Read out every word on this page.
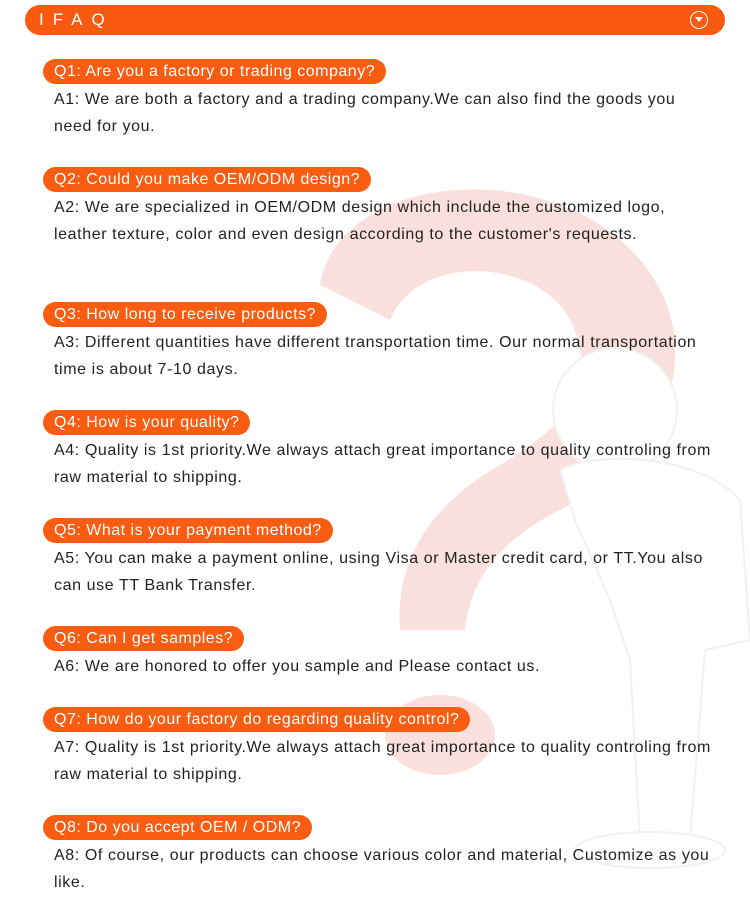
IFAQ
Q1: Are you a factory or trading company?
A1: We are both a factory and a trading company.We can also find the goods you need for you.
Q2: Could you make OEM/ODM design?
A2: We are specialized in OEM/ODM design which include the customized logo, leather texture, color and even design according to the customer's requests.
Q3: How long to receive products?
A3: Different quantities have different transportation time. Our normal transportation time is about 7-10 days.
Q4: How is your quality?
A4: Quality is 1st priority.We always attach great importance to quality controling from raw material to shipping.
Q5: What is your payment method?
A5: You can make a payment online, using Visa or Master credit card, or TT.You also can use TT Bank Transfer.
Q6: Can I get samples?
A6: We are honored to offer you sample and Please contact us.
Q7: How do your factory do regarding quality control?
A7: Quality is 1st priority.We always attach great importance to quality controling from raw material to shipping.
Q8: Do you accept OEM / ODM?
A8: Of course, our products can choose various color and material, Customize as you like.
